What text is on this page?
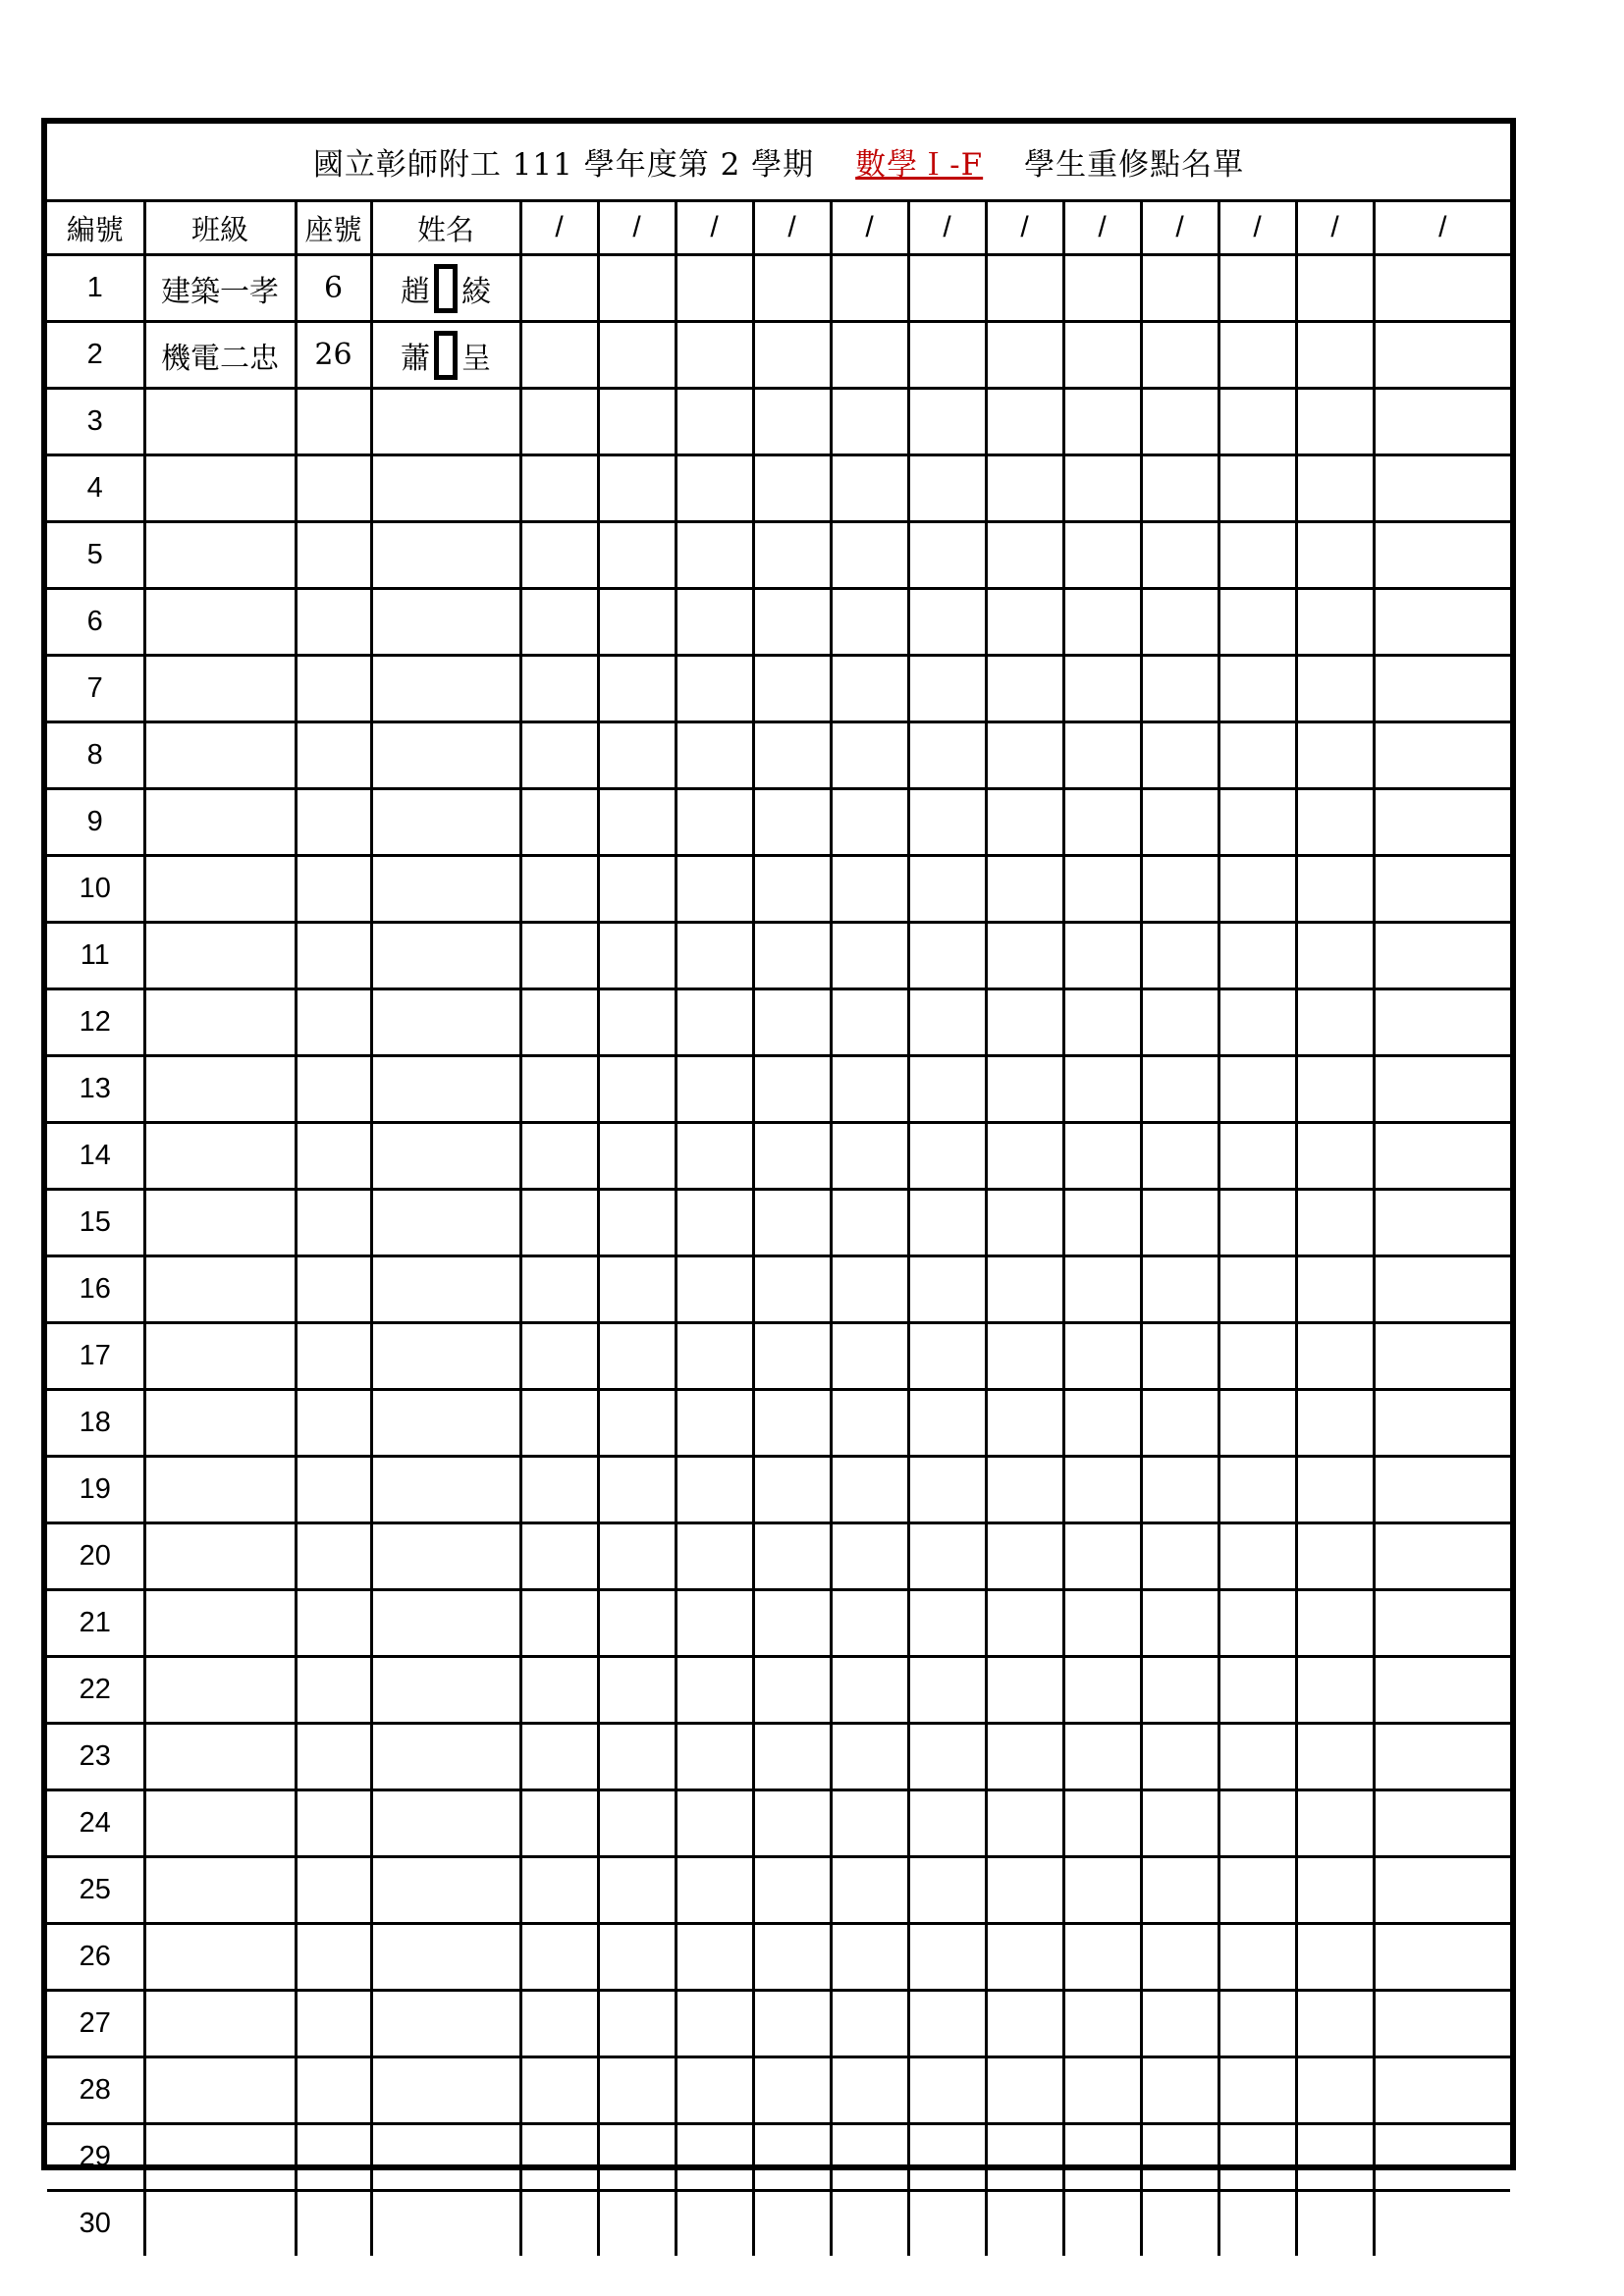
國立彰師附工 111 學年度第 2 學期 數學Ｉ-F 學生重修點名單
編號	班級	座號	姓名	/	/	/	/	/	/	/	/	/	/	/	/
1	建築一孝	6	趙 綾												

2	機電二忠	26	蕭 呈												

3															
4															
5															
6															
7															
8															
9															
10															
11															
12															
13															
14															
15															
16															
17															
18															
19															
20															
21															
22															
23															
24															
25															
26															
27															
28															
29															
30															
